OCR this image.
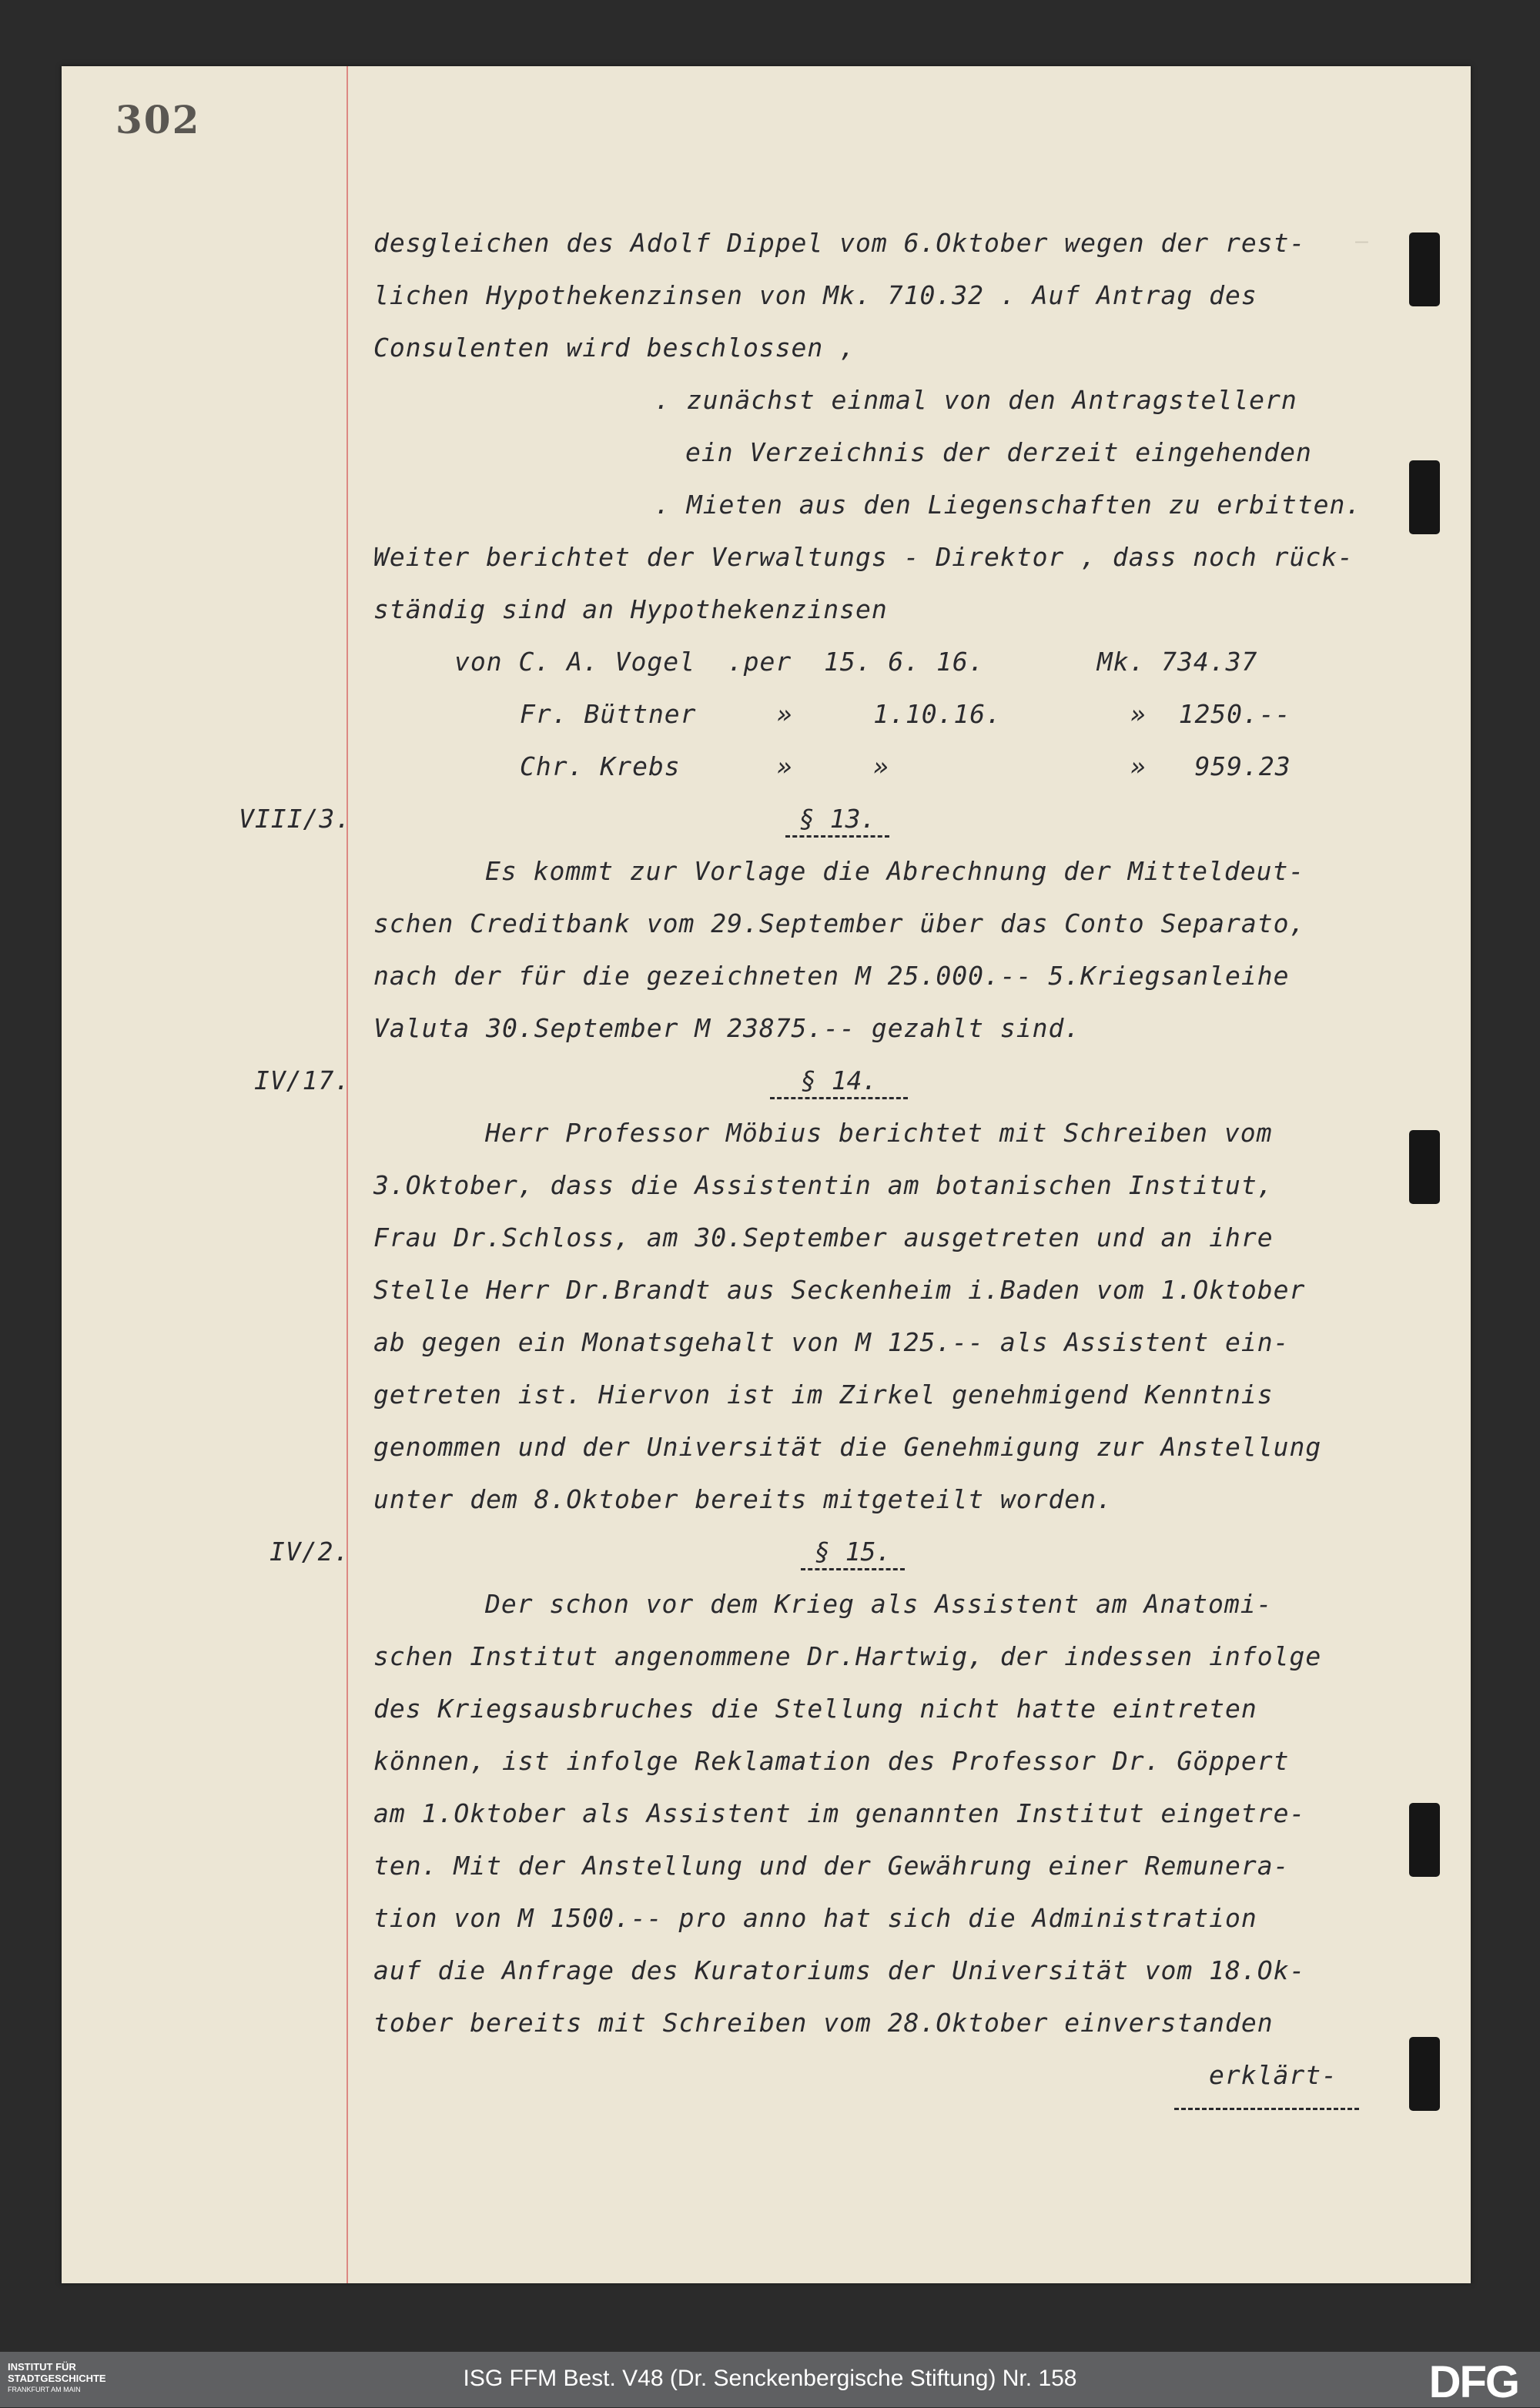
302
—
desgleichen des Adolf Dippel vom 6.Oktober wegen der rest-
lichen Hypothekenzinsen von Mk. 710.32 . Auf Antrag des
Consulenten wird beschlossen ,
. zunächst einmal von den Antragstellern
ein Verzeichnis der derzeit eingehenden
. Mieten aus den Liegenschaften zu erbitten.
Weiter berichtet der Verwaltungs - Direktor , dass noch rück-
ständig sind an Hypothekenzinsen
von C. A. Vogel  .per  15. 6. 16.       Mk. 734.37
Fr. Büttner     »     1.10.16.        »  1250.--
Chr. Krebs      »     »               »   959.23
VIII/3.	§ 13.
Es kommt zur Vorlage die Abrechnung der Mitteldeut-
schen Creditbank vom 29.September über das Conto Separato,
nach der für die gezeichneten M 25.000.-- 5.Kriegsanleihe
Valuta 30.September M 23875.-- gezahlt sind.
IV/17.	§ 14.
Herr Professor Möbius berichtet mit Schreiben vom
3.Oktober, dass die Assistentin am botanischen Institut,
Frau Dr.Schloss, am 30.September ausgetreten und an ihre
Stelle Herr Dr.Brandt aus Seckenheim i.Baden vom 1.Oktober
ab gegen ein Monatsgehalt von M 125.-- als Assistent ein-
getreten ist. Hiervon ist im Zirkel genehmigend Kenntnis
genommen und der Universität die Genehmigung zur Anstellung
unter dem 8.Oktober bereits mitgeteilt worden.
IV/2.	§ 15.
Der schon vor dem Krieg als Assistent am Anatomi-
schen Institut angenommene Dr.Hartwig, der indessen infolge
des Kriegsausbruches die Stellung nicht hatte eintreten
können, ist infolge Reklamation des Professor Dr. Göppert
am 1.Oktober als Assistent im genannten Institut eingetre-
ten. Mit der Anstellung und der Gewährung einer Remunera-
tion von M 1500.-- pro anno hat sich die Administration
auf die Anfrage des Kuratoriums der Universität vom 18.Ok-
tober bereits mit Schreiben vom 28.Oktober einverstanden
erklärt-
INSTITUT FÜR
STADTGESCHICHTE
FRANKFURT AM MAIN	ISG FFM Best. V48 (Dr. Senckenbergische Stiftung) Nr. 158	DFG
